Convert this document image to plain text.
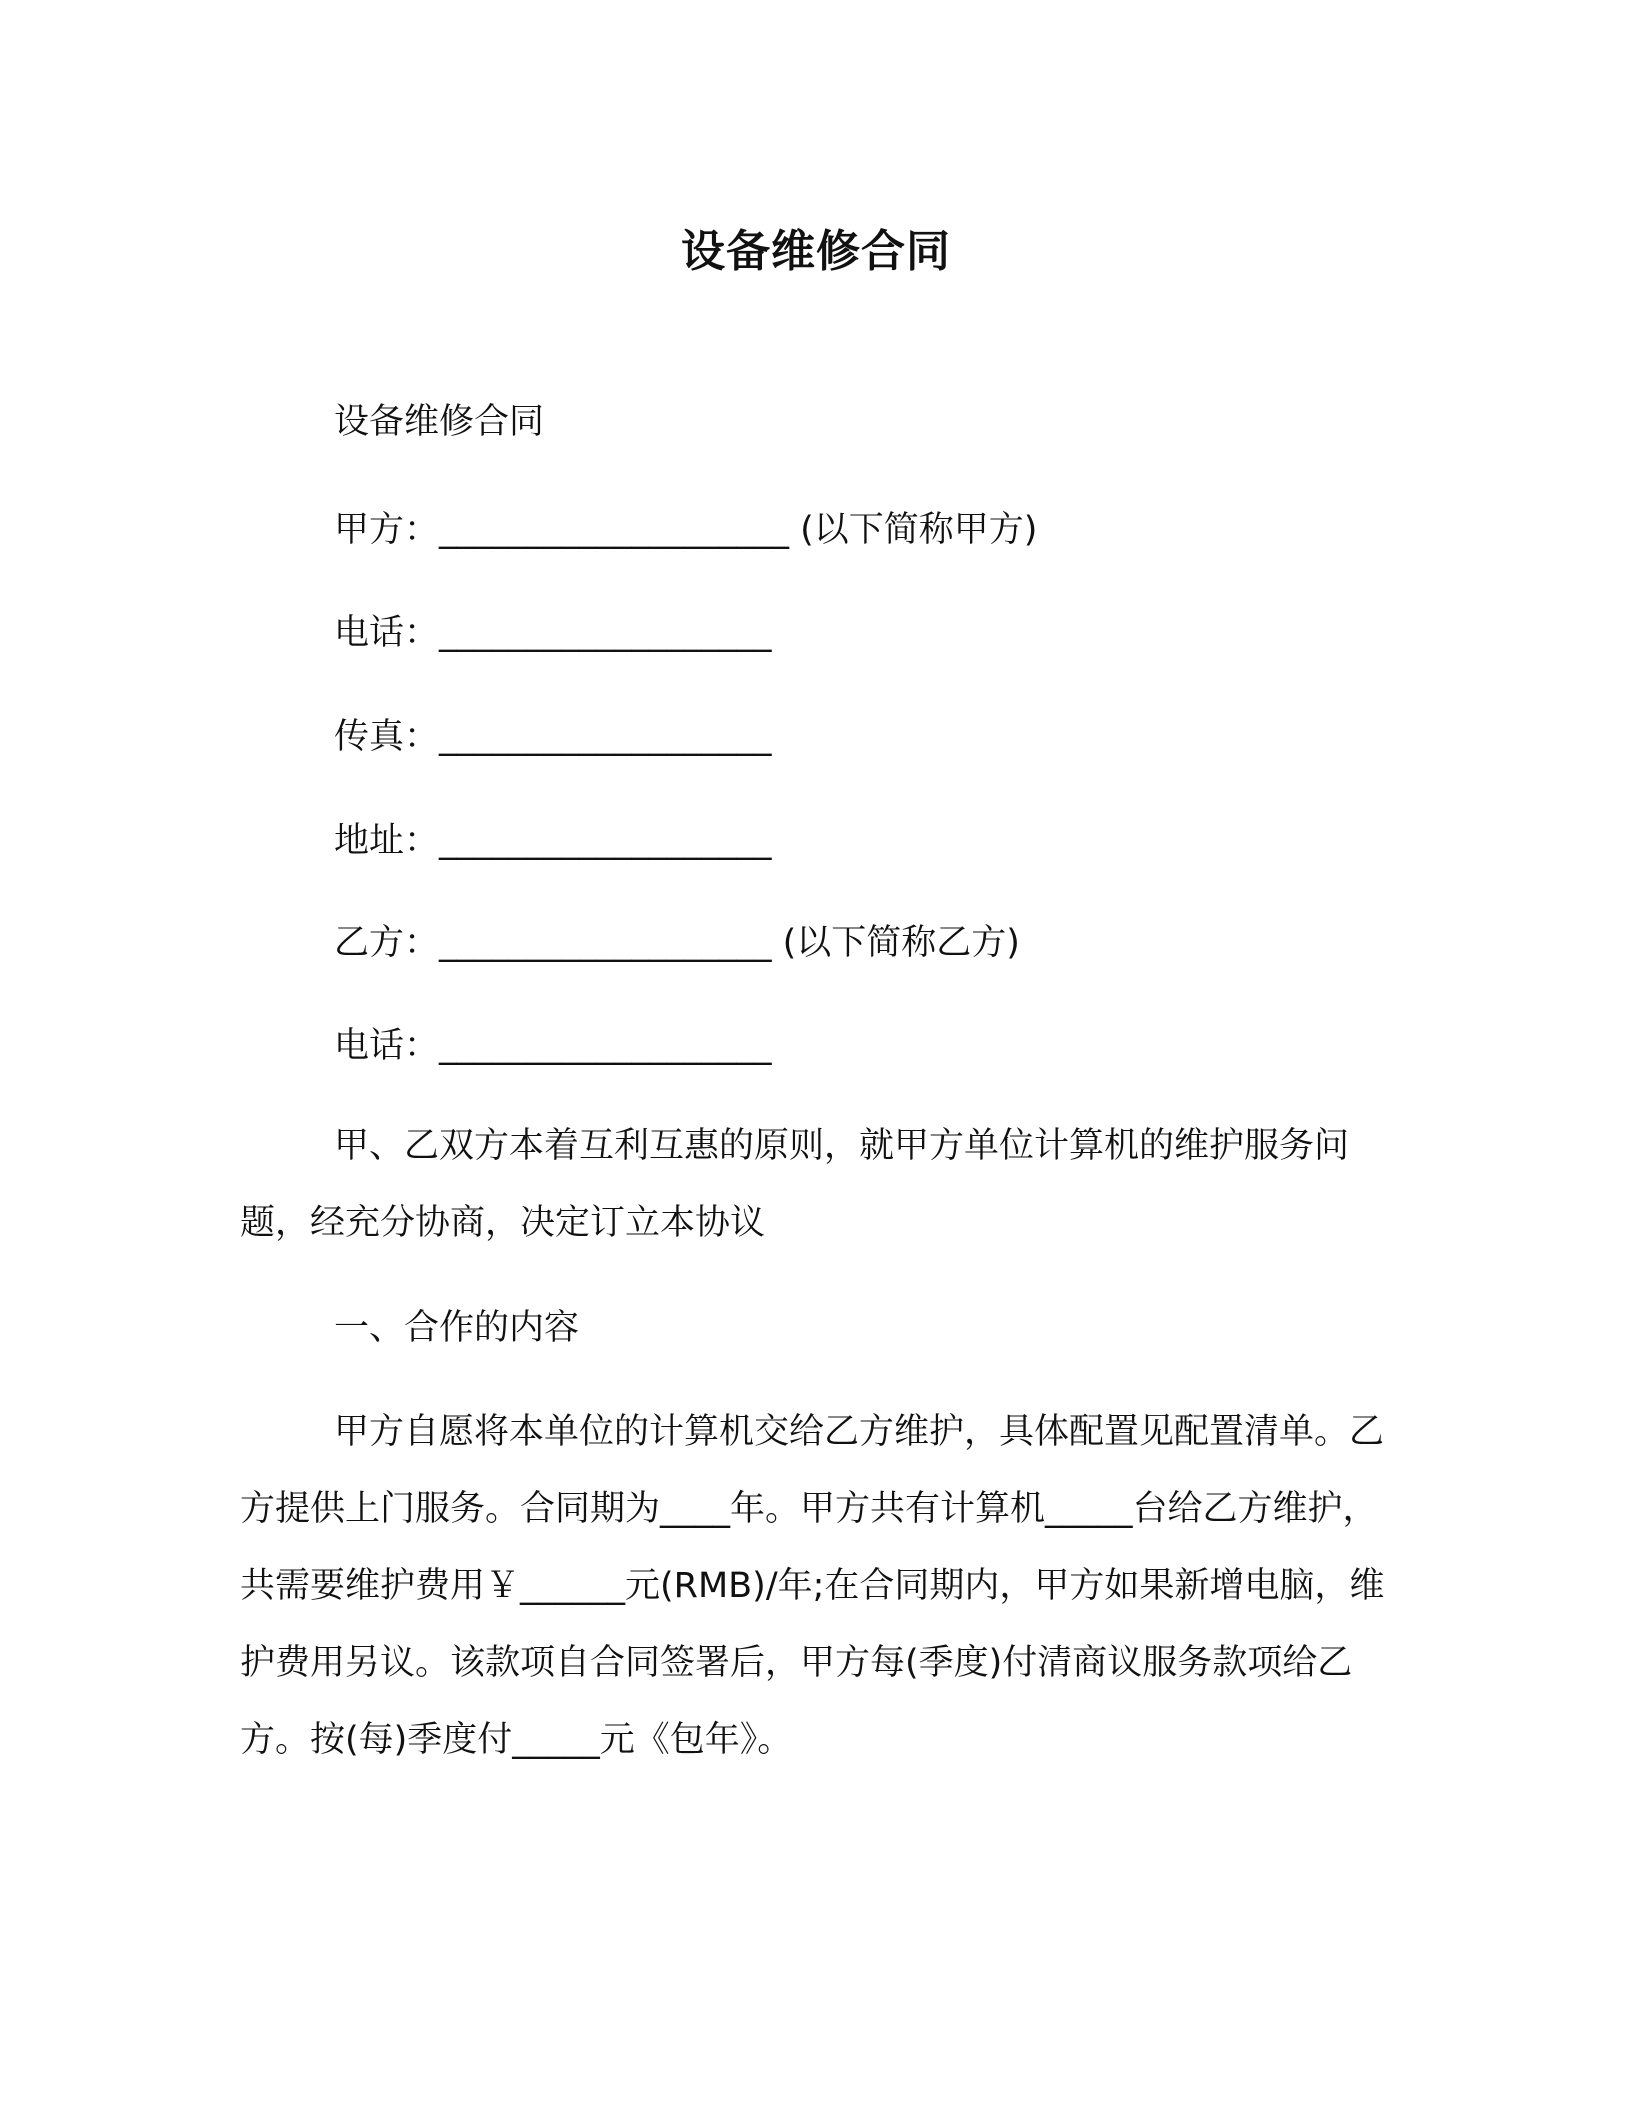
设备维修合同

设备维修合同

甲方：____________________ (以下简称甲方)

电话：___________________

传真：___________________

地址：___________________

乙方：___________________ (以下简称乙方)

电话：___________________

甲、乙双方本着互利互惠的原则，就甲方单位计算机的维护服务问题，经充分协商，决定订立本协议

一、合作的内容

甲方自愿将本单位的计算机交给乙方维护，具体配置见配置清单。乙方提供上门服务。合同期为____年。甲方共有计算机_____台给乙方维护，共需要维护费用￥______元(RMB)/年;在合同期内，甲方如果新增电脑，维护费用另议。该款项自合同签署后，甲方每(季度)付清商议服务款项给乙方。按(每)季度付_____元《包年》。
